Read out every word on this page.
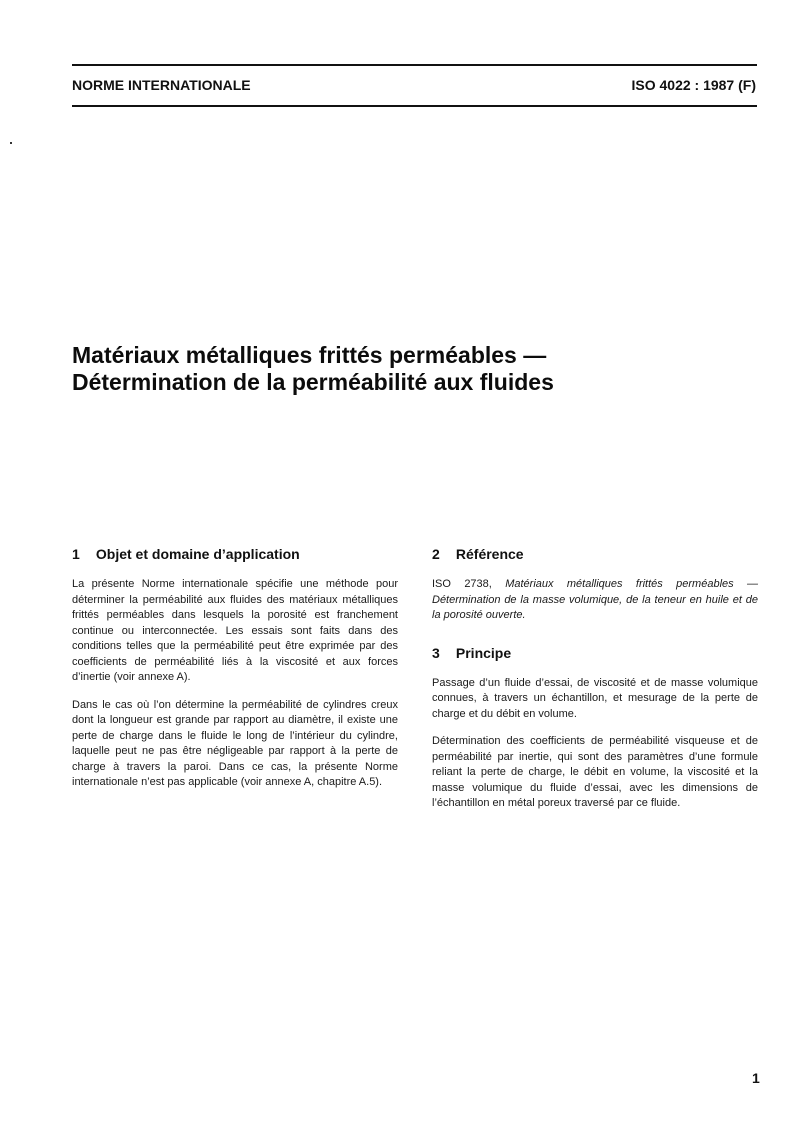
NORME INTERNATIONALE	ISO 4022 : 1987 (F)
Matériaux métalliques frittés perméables —
Détermination de la perméabilité aux fluides
1 Objet et domaine d’application

La présente Norme internationale spécifie une méthode pour déterminer la perméabilité aux fluides des matériaux métalliques frittés perméables dans lesquels la porosité est franchement continue ou interconnectée. Les essais sont faits dans des conditions telles que la perméabilité peut être exprimée par des coefficients de perméabilité liés à la viscosité et aux forces d’inertie (voir annexe A).

Dans le cas où l’on détermine la perméabilité de cylindres creux dont la longueur est grande par rapport au diamètre, il existe une perte de charge dans le fluide le long de l’intérieur du cylindre, laquelle peut ne pas être négligeable par rapport à la perte de charge à travers la paroi. Dans ce cas, la présente Norme internationale n’est pas applicable (voir annexe A, chapitre A.5).

2 Référence

ISO 2738, Matériaux métalliques frittés perméables — Détermination de la masse volumique, de la teneur en huile et de la porosité ouverte.

3 Principe

Passage d’un fluide d’essai, de viscosité et de masse volumique connues, à travers un échantillon, et mesurage de la perte de charge et du débit en volume.

Détermination des coefficients de perméabilité visqueuse et de perméabilité par inertie, qui sont des paramètres d’une formule reliant la perte de charge, le débit en volume, la viscosité et la masse volumique du fluide d’essai, avec les dimensions de l’échantillon en métal poreux traversé par ce fluide.

1
